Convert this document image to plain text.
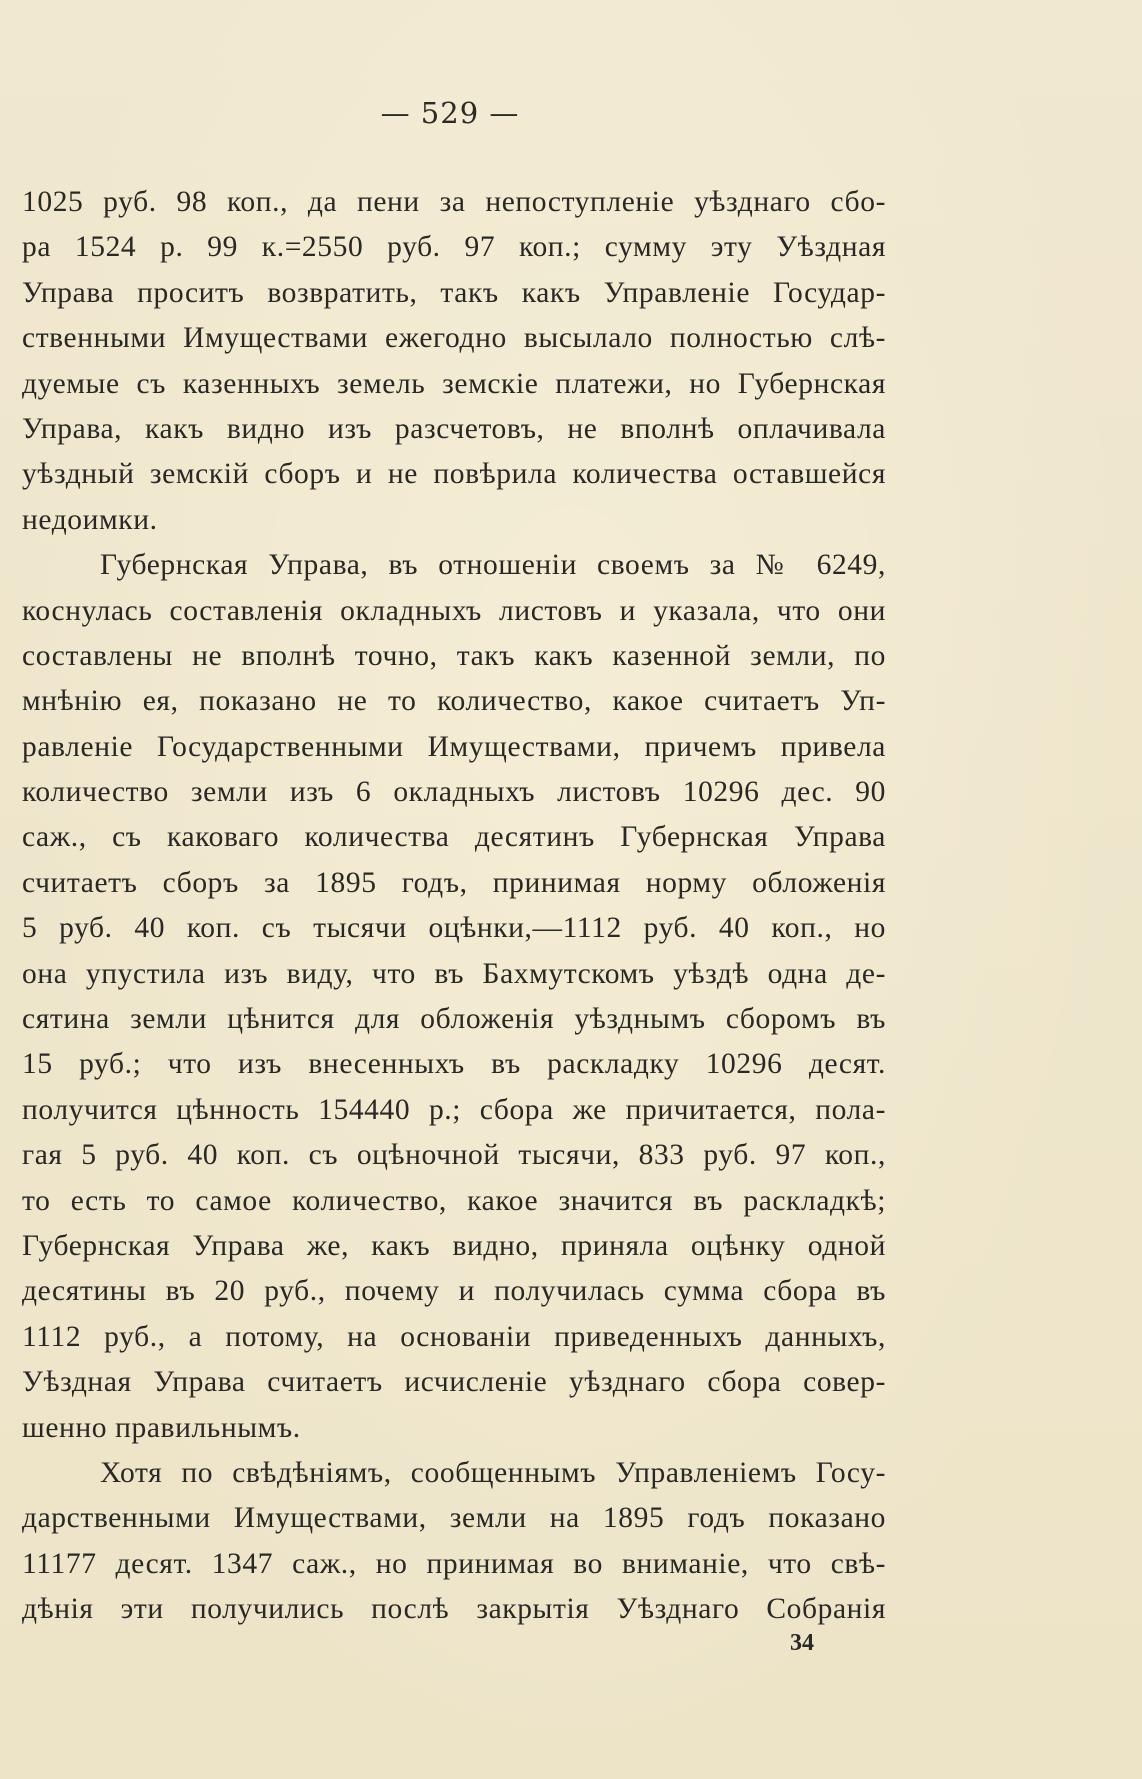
— 529 —
1025 руб. 98 коп., да пени за непоступленіе уѣзднаго сбо-
ра 1524 р. 99 к.=2550 руб. 97 коп.; сумму эту Уѣздная
Управа проситъ возвратить, такъ какъ Управленіе Государ-
ственными Имуществами ежегодно высылало полностью слѣ-
дуемые съ казенныхъ земель земскіе платежи, но Губернская
Управа, какъ видно изъ разсчетовъ, не вполнѣ оплачивала
уѣздный земскій сборъ и не повѣрила количества оставшейся
недоимки.
Губернская Управа, въ отношеніи своемъ за № 6249,
коснулась составленія окладныхъ листовъ и указала, что они
составлены не вполнѣ точно, такъ какъ казенной земли, по
мнѣнію ея, показано не то количество, какое считаетъ Уп-
равленіе Государственными Имуществами, причемъ привела
количество земли изъ 6 окладныхъ листовъ 10296 дес. 90
саж., съ каковаго количества десятинъ Губернская Управа
считаетъ сборъ за 1895 годъ, принимая норму обложенія
5 руб. 40 коп. съ тысячи оцѣнки,—1112 руб. 40 коп., но
она упустила изъ виду, что въ Бахмутскомъ уѣздѣ одна де-
сятина земли цѣнится для обложенія уѣзднымъ сборомъ въ
15 руб.; что изъ внесенныхъ въ раскладку 10296 десят.
получится цѣнность 154440 р.; сбора же причитается, пола-
гая 5 руб. 40 коп. съ оцѣночной тысячи, 833 руб. 97 коп.,
то есть то самое количество, какое значится въ раскладкѣ;
Губернская Управа же, какъ видно, приняла оцѣнку одной
десятины въ 20 руб., почему и получилась сумма сбора въ
1112 руб., а потому, на основаніи приведенныхъ данныхъ,
Уѣздная Управа считаетъ исчисленіе уѣзднаго сбора совер-
шенно правильнымъ.
Хотя по свѣдѣніямъ, сообщеннымъ Управленіемъ Госу-
дарственными Имуществами, земли на 1895 годъ показано
11177 десят. 1347 саж., но принимая во вниманіе, что свѣ-
дѣнія эти получились послѣ закрытія Уѣзднаго Собранія
34
